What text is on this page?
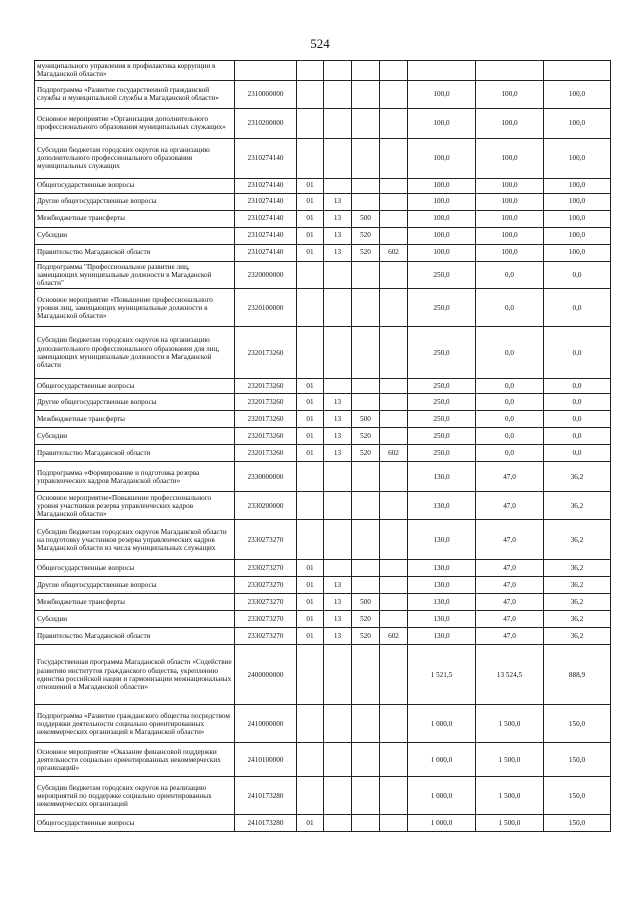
524
муниципального управления в профилактика коррупции в Магаданской области»								
Подпрограмма «Развитие государственной гражданской службы и муниципальной службы в Магаданской области»	2310000000					100,0	100,0	100,0
Основное мероприятие «Организация дополнительного профессионального образования муниципальных служащих»	2310200000					100,0	100,0	100,0
Субсидии бюджетам городских округов на организацию дополнительного профессионального образования муниципальных служащих	2310274140					100,0	100,0	100,0
Общегосударственные вопросы	2310274140	01				100,0	100,0	100,0
Другие общегосударственные вопросы	2310274140	01	13			100,0	100,0	100,0
Межбюджетные трансферты	2310274140	01	13	500		100,0	100,0	100,0
Субсидии	2310274140	01	13	520		100,0	100,0	100,0
Правительство Магаданской области	2310274140	01	13	520	602	100,0	100,0	100,0
Подпрограмма "Профессиональное развитие лиц, замещающих муниципальные должности в Магаданской области"	2320000000					250,0	0,0	0,0
Основное мероприятие «Повышение профессионального уровня лиц, замещающих муниципальные должности в Магаданской области»	2320100000					250,0	0,0	0,0
Субсидии бюджетам городских округов на организацию дополнительного профессионального образования для лиц, замещающих муниципальные должности в Магаданской области	2320173260					250,0	0,0	0,0
Общегосударственные вопросы	2320173260	01				250,0	0,0	0,0
Другие общегосударственные вопросы	2320173260	01	13			250,0	0,0	0,0
Межбюджетные трансферты	2320173260	01	13	500		250,0	0,0	0,0
Субсидии	2320173260	01	13	520		250,0	0,0	0,0
Правительство Магаданской области	2320173260	01	13	520	602	250,0	0,0	0,0
Подпрограмма «Формирование и подготовка резерва управленческих кадров Магаданской области»	2330000000					130,0	47,0	36,2
Основное мероприятие«Повышение профессионального уровня участников резерва управленческих кадров Магаданской области»	2330200000					130,0	47,0	36,2
Субсидии бюджетам городских округов Магаданской области на подготовку участников резерва управленческих кадров Магаданской области из числа муниципальных служащих	2330273270					130,0	47,0	36,2
Общегосударственные вопросы	2330273270	01				130,0	47,0	36,2
Другие общегосударственные вопросы	2330273270	01	13			130,0	47,0	36,2
Межбюджетные трансферты	2330273270	01	13	500		130,0	47,0	36,2
Субсидии	2330273270	01	13	520		130,0	47,0	36,2
Правительство Магаданской области	2330273270	01	13	520	602	130,0	47,0	36,2
Государственная программа Магаданской области «Содействие развитию институтов гражданского общества, укреплению единства российской нации и гармонизации межнациональных отношений в Магаданской области»	2400000000					1 521,5	13 524,5	888,9
Подпрограмма «Развитие гражданского общества посредством поддержки деятельности социально ориентированных некоммерческих организаций в Магаданской области»	2410000000					1 000,0	1 500,0	150,0
Основное мероприятие «Оказание финансовой поддержки деятельности социально ориентированных некоммерческих организаций»	2410100000					1 000,0	1 500,0	150,0
Субсидии бюджетам городских округов на реализацию мероприятий по поддержке социально ориентированных некоммерческих организаций	2410173280					1 000,0	1 500,0	150,0
Общегосударственные вопросы	2410173280	01				1 000,0	1 500,0	150,0
